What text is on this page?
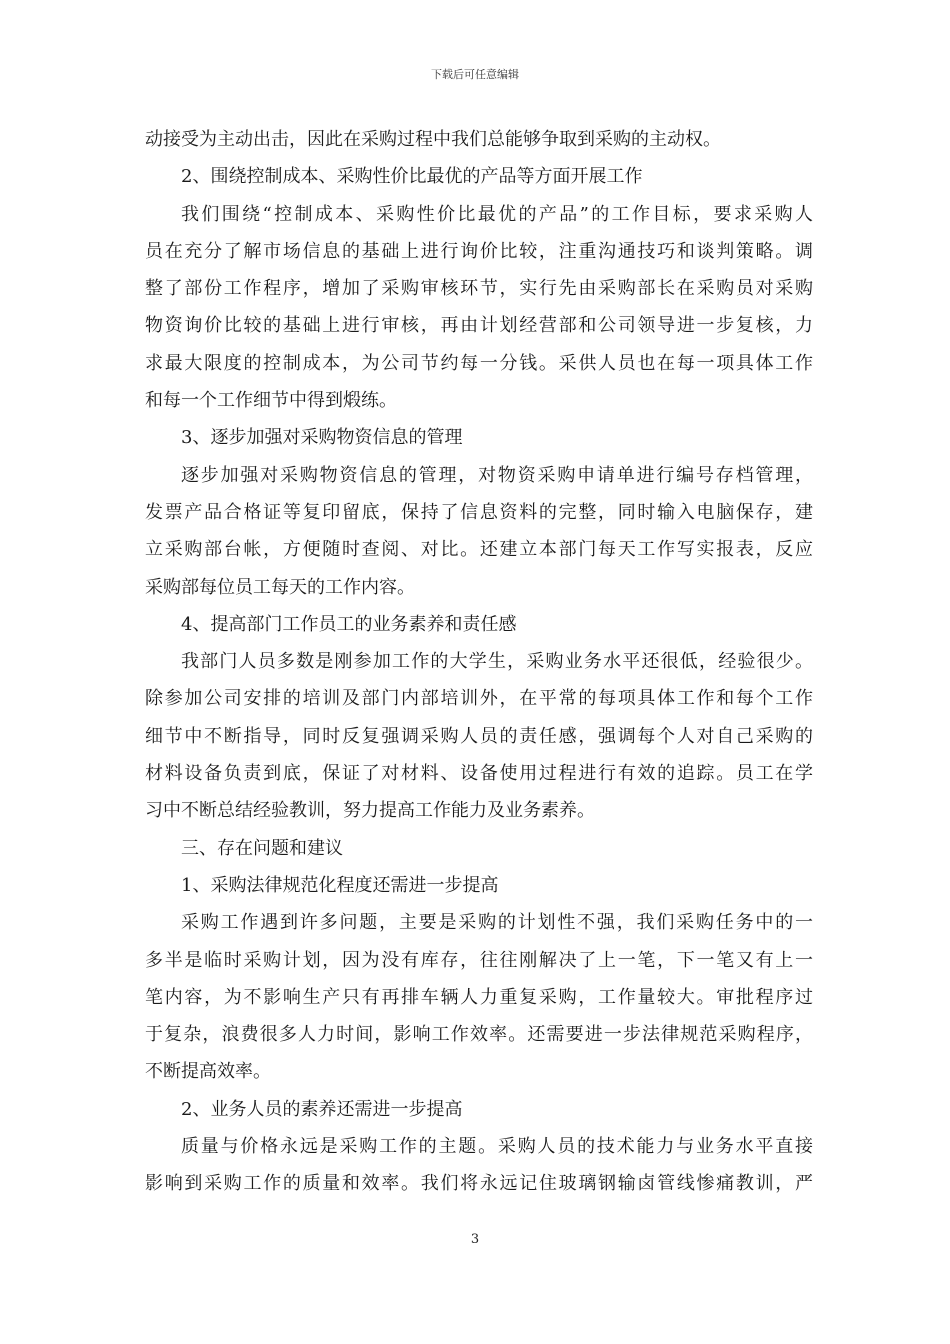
下载后可任意编辑
动接受为主动出击，因此在采购过程中我们总能够争取到采购的主动权。
2、围绕控制成本、采购性价比最优的产品等方面开展工作
我们围绕“控制成本、采购性价比最优的产品”的工作目标，要求采购人
员在充分了解市场信息的基础上进行询价比较，注重沟通技巧和谈判策略。调
整了部份工作程序，增加了采购审核环节，实行先由采购部长在采购员对采购
物资询价比较的基础上进行审核，再由计划经营部和公司领导进一步复核，力
求最大限度的控制成本，为公司节约每一分钱。采供人员也在每一项具体工作
和每一个工作细节中得到煅练。
3、逐步加强对采购物资信息的管理
逐步加强对采购物资信息的管理，对物资采购申请单进行编号存档管理，
发票产品合格证等复印留底，保持了信息资料的完整，同时输入电脑保存，建
立采购部台帐，方便随时查阅、对比。还建立本部门每天工作写实报表，反应
采购部每位员工每天的工作内容。
4、提高部门工作员工的业务素养和责任感
我部门人员多数是刚参加工作的大学生，采购业务水平还很低，经验很少。
除参加公司安排的培训及部门内部培训外，在平常的每项具体工作和每个工作
细节中不断指导，同时反复强调采购人员的责任感，强调每个人对自己采购的
材料设备负责到底，保证了对材料、设备使用过程进行有效的追踪。员工在学
习中不断总结经验教训，努力提高工作能力及业务素养。
三、存在问题和建议
1、采购法律规范化程度还需进一步提高
采购工作遇到许多问题，主要是采购的计划性不强，我们采购任务中的一
多半是临时采购计划，因为没有库存，往往刚解决了上一笔，下一笔又有上一
笔内容，为不影响生产只有再排车辆人力重复采购，工作量较大。审批程序过
于复杂，浪费很多人力时间，影响工作效率。还需要进一步法律规范采购程序，
不断提高效率。
2、业务人员的素养还需进一步提高
质量与价格永远是采购工作的主题。采购人员的技术能力与业务水平直接
影响到采购工作的质量和效率。我们将永远记住玻璃钢输卤管线惨痛教训，严
3
